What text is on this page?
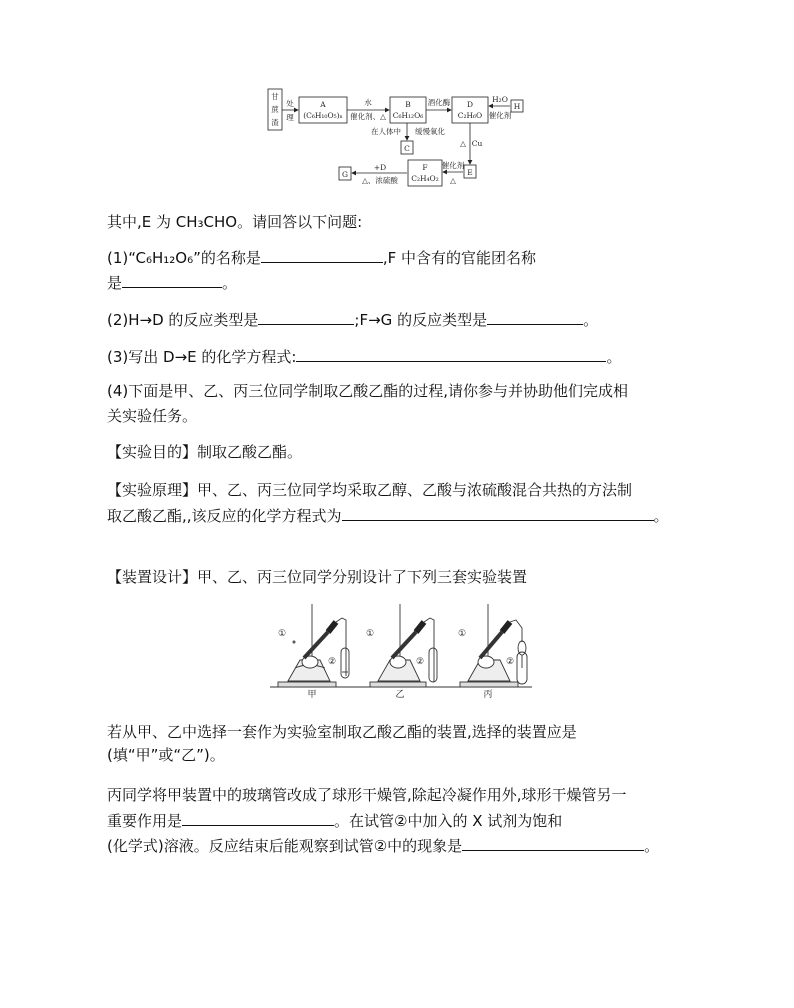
甘
蔗
渣
处
理
A
(C₆H₁₀O₅)ₙ
水
催化剂、△
B
C₆H₁₂O₆
酒化酶 D
C₂H₆O
H₂O
催化剂
H
在人体中 缓慢氧化
C
△ Cu
E
催化剂
△
F
C₂H₄O₂
+D
△、浓硫酸
G
其中,E 为 CH₃CHO。请回答以下问题:
(1)“C₆H₁₂O₆”的名称是	,F 中含有的官能团名称
是	。
(2)H→D 的反应类型是	;F→G 的反应类型是	。
(3)写出 D→E 的化学方程式:	。
(4)下面是甲、乙、丙三位同学制取乙酸乙酯的过程,请你参与并协助他们完成相
关实验任务。
【实验目的】制取乙酸乙酯。
【实验原理】甲、乙、丙三位同学均采取乙醇、乙酸与浓硫酸混合共热的方法制
取乙酸乙酯,,该反应的化学方程式为	。
【装置设计】甲、乙、丙三位同学分别设计了下列三套实验装置
①
②
①
②
①
②
甲	乙	丙
若从甲、乙中选择一套作为实验室制取乙酸乙酯的装置,选择的装置应是
(填“甲”或“乙”)。
丙同学将甲装置中的玻璃管改成了球形干燥管,除起冷凝作用外,球形干燥管另一
重要作用是	。在试管②中加入的 X 试剂为饱和
(化学式)溶液。反应结束后能观察到试管②中的现象是	。
